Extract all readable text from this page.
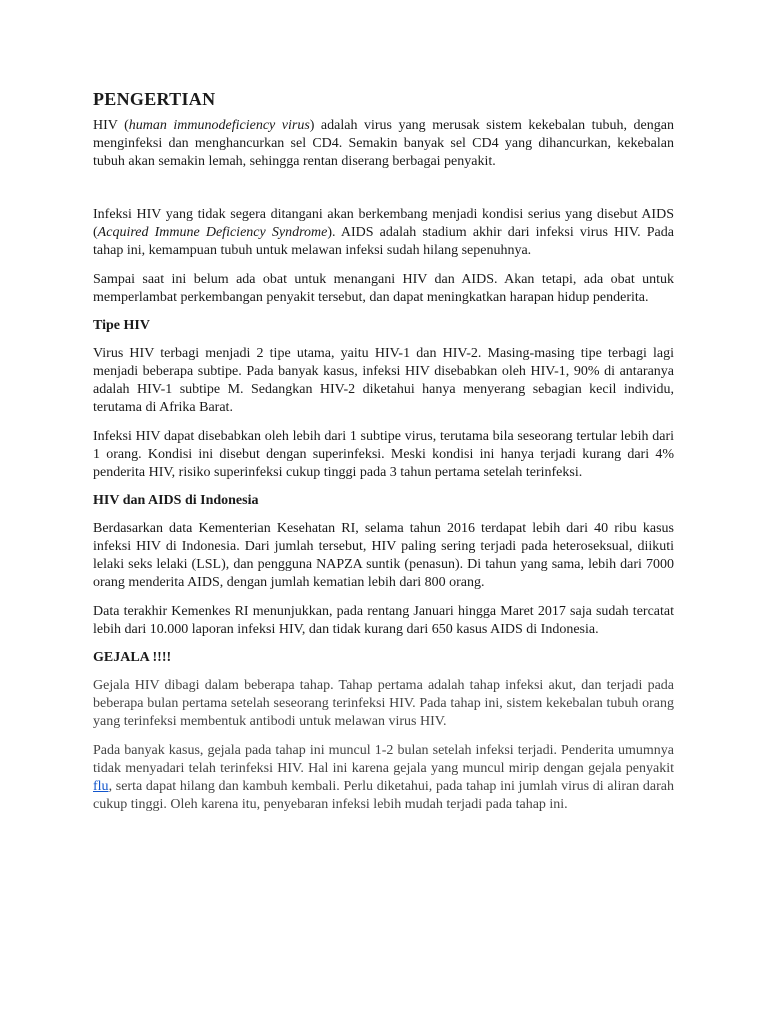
PENGERTIAN

HIV (human immunodeficiency virus) adalah virus yang merusak sistem kekebalan tubuh, dengan menginfeksi dan menghancurkan sel CD4. Semakin banyak sel CD4 yang dihancurkan, kekebalan tubuh akan semakin lemah, sehingga rentan diserang berbagai penyakit.

Infeksi HIV yang tidak segera ditangani akan berkembang menjadi kondisi serius yang disebut AIDS (Acquired Immune Deficiency Syndrome). AIDS adalah stadium akhir dari infeksi virus HIV. Pada tahap ini, kemampuan tubuh untuk melawan infeksi sudah hilang sepenuhnya.

Sampai saat ini belum ada obat untuk menangani HIV dan AIDS. Akan tetapi, ada obat untuk memperlambat perkembangan penyakit tersebut, dan dapat meningkatkan harapan hidup penderita.

Tipe HIV

Virus HIV terbagi menjadi 2 tipe utama, yaitu HIV-1 dan HIV-2. Masing-masing tipe terbagi lagi menjadi beberapa subtipe. Pada banyak kasus, infeksi HIV disebabkan oleh HIV-1, 90% di antaranya adalah HIV-1 subtipe M. Sedangkan HIV-2 diketahui hanya menyerang sebagian kecil individu, terutama di Afrika Barat.

Infeksi HIV dapat disebabkan oleh lebih dari 1 subtipe virus, terutama bila seseorang tertular lebih dari 1 orang. Kondisi ini disebut dengan superinfeksi. Meski kondisi ini hanya terjadi kurang dari 4% penderita HIV, risiko superinfeksi cukup tinggi pada 3 tahun pertama setelah terinfeksi.

HIV dan AIDS di Indonesia

Berdasarkan data Kementerian Kesehatan RI, selama tahun 2016 terdapat lebih dari 40 ribu kasus infeksi HIV di Indonesia. Dari jumlah tersebut, HIV paling sering terjadi pada heteroseksual, diikuti lelaki seks lelaki (LSL), dan pengguna NAPZA suntik (penasun). Di tahun yang sama, lebih dari 7000 orang menderita AIDS, dengan jumlah kematian lebih dari 800 orang.

Data terakhir Kemenkes RI menunjukkan, pada rentang Januari hingga Maret 2017 saja sudah tercatat lebih dari 10.000 laporan infeksi HIV, dan tidak kurang dari 650 kasus AIDS di Indonesia.

GEJALA !!!!

Gejala HIV dibagi dalam beberapa tahap. Tahap pertama adalah tahap infeksi akut, dan terjadi pada beberapa bulan pertama setelah seseorang terinfeksi HIV. Pada tahap ini, sistem kekebalan tubuh orang yang terinfeksi membentuk antibodi untuk melawan virus HIV.

Pada banyak kasus, gejala pada tahap ini muncul 1-2 bulan setelah infeksi terjadi. Penderita umumnya tidak menyadari telah terinfeksi HIV. Hal ini karena gejala yang muncul mirip dengan gejala penyakit flu, serta dapat hilang dan kambuh kembali. Perlu diketahui, pada tahap ini jumlah virus di aliran darah cukup tinggi. Oleh karena itu, penyebaran infeksi lebih mudah terjadi pada tahap ini.
